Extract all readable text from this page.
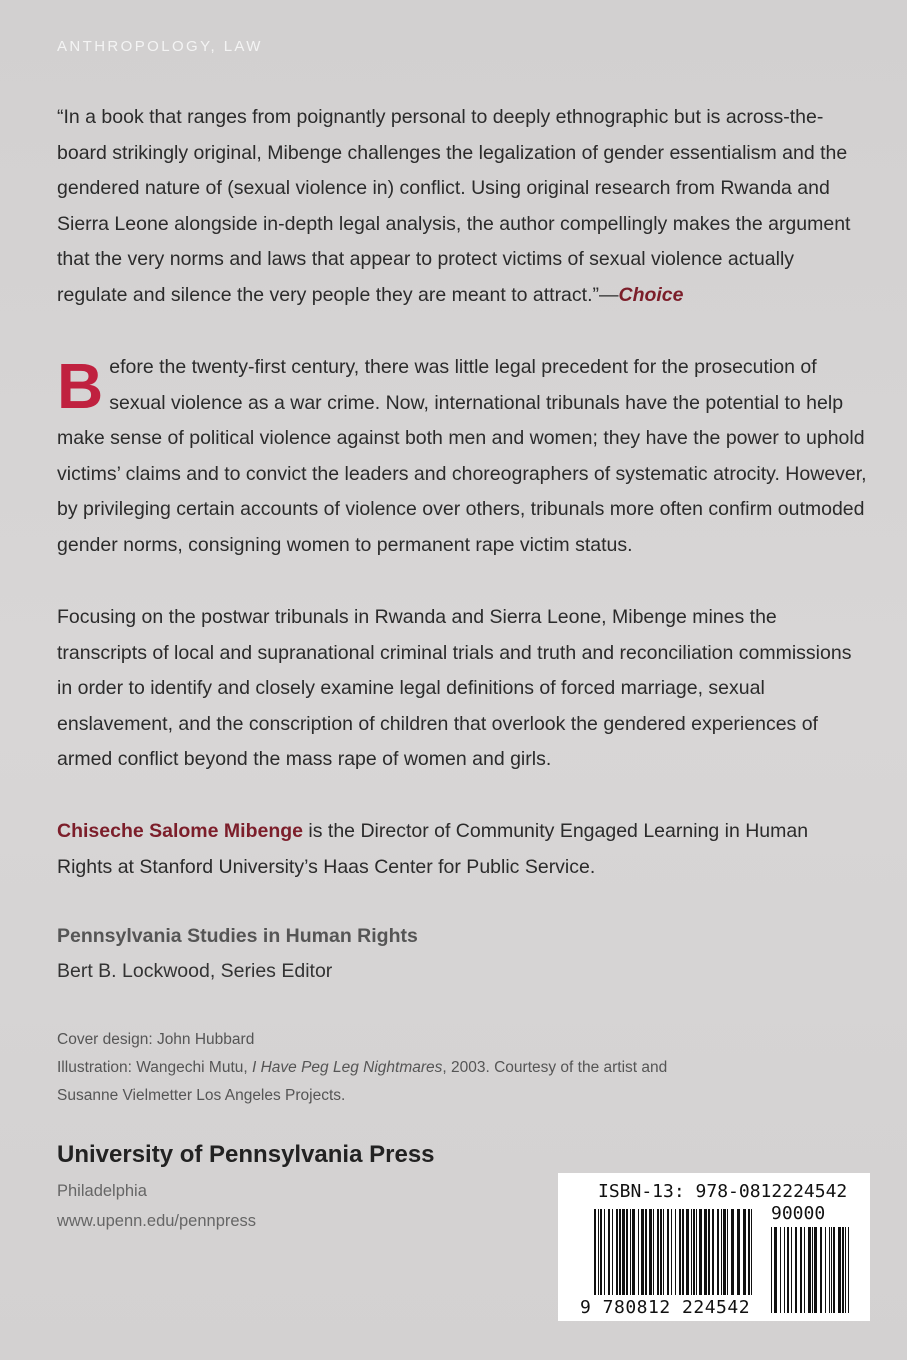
ANTHROPOLOGY, LAW

“In a book that ranges from poignantly personal to deeply ethnographic but is across-the-board strikingly original, Mibenge challenges the legalization of gender essentialism and the gendered nature of (sexual violence in) conflict. Using original research from Rwanda and Sierra Leone alongside in-depth legal analysis, the author compellingly makes the argument that the very norms and laws that appear to protect victims of sexual violence actually regulate and silence the very people they are meant to attract.”—Choice

Before the twenty-first century, there was little legal precedent for the prosecution of sexual violence as a war crime. Now, international tribunals have the potential to help make sense of political violence against both men and women; they have the power to uphold victims’ claims and to convict the leaders and choreographers of systematic atrocity. However, by privileging certain accounts of violence over others, tribunals more often confirm outmoded gender norms, consigning women to permanent rape victim status.

Focusing on the postwar tribunals in Rwanda and Sierra Leone, Mibenge mines the transcripts of local and supranational criminal trials and truth and reconciliation commissions in order to identify and closely examine legal definitions of forced marriage, sexual enslavement, and the conscription of children that overlook the gendered experiences of armed conflict beyond the mass rape of women and girls.

Chiseche Salome Mibenge is the Director of Community Engaged Learning in Human Rights at Stanford University’s Haas Center for Public Service.

Pennsylvania Studies in Human Rights
Bert B. Lockwood, Series Editor
Cover design: John Hubbard
Illustration: Wangechi Mutu, I Have Peg Leg Nightmares, 2003. Courtesy of the artist and
Susanne Vielmetter Los Angeles Projects.
University of Pennsylvania Press
Philadelphia
www.upenn.edu/pennpress
ISBN-13: 978-0812224542
90000
9 780812 224542
